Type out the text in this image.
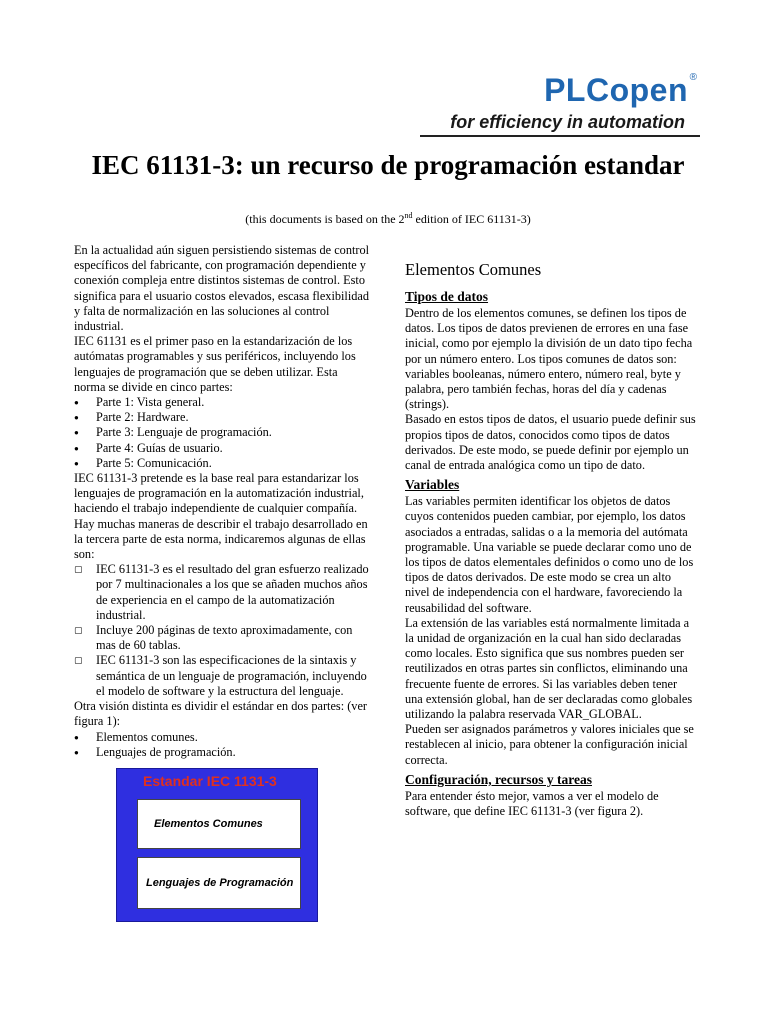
PLCopen ®
for efficiency in automation
IEC 61131-3: un recurso de programación estandar
(this documents is based on the 2nd edition of IEC 61131-3)

En la actualidad aún siguen persistiendo sistemas de control específicos del fabricante, con programación dependiente y conexión compleja entre distintos sistemas de control. Esto significa para el usuario costos elevados, escasa flexibilidad y falta de normalización en las soluciones al control industrial.

IEC 61131 es el primer paso en la estandarización de los autómatas programables y sus periféricos, incluyendo los lenguajes de programación que se deben utilizar. Esta norma se divide en cinco partes:

● Parte 1: Vista general.
● Parte 2: Hardware.
● Parte 3: Lenguaje de programación.
● Parte 4: Guías de usuario.
● Parte 5: Comunicación.

IEC 61131-3 pretende es la base real para estandarizar los lenguajes de programación en la automatización industrial, haciendo el trabajo independiente de cualquier compañía.

Hay muchas maneras de describir el trabajo desarrollado en la tercera parte de esta norma, indicaremos algunas de ellas son:

▢ IEC 61131-3 es el resultado del gran esfuerzo realizado por 7 multinacionales a los que se añaden muchos años de experiencia en el campo de la automatización industrial.
▢ Incluye 200 páginas de texto aproximadamente, con mas de 60 tablas.
▢ IEC 61131-3 son las especificaciones de la sintaxis y semántica de un lenguaje de programación, incluyendo el modelo de software y la estructura del lenguaje.

Otra visión distinta es dividir el estándar en dos partes: (ver figura 1):

● Elementos comunes.
● Lenguajes de programación.
Estandar IEC 1131-3
Elementos Comunes
Lenguajes de Programación
Elementos Comunes
Tipos de datos

Dentro de los elementos comunes, se definen los tipos de datos. Los tipos de datos previenen de errores en una fase inicial, como por ejemplo la división de un dato tipo fecha por un número entero. Los tipos comunes de datos son: variables booleanas, número entero, número real, byte y palabra, pero también fechas, horas del día y cadenas (strings).

Basado en estos tipos de datos, el usuario puede definir sus propios tipos de datos, conocidos como tipos de datos derivados. De este modo, se puede definir por ejemplo un canal de entrada analógica como un tipo de dato.

Variables

Las variables permiten identificar los objetos de datos cuyos contenidos pueden cambiar, por ejemplo, los datos asociados a entradas, salidas o a la memoria del autómata programable. Una variable se puede declarar como uno de los tipos de datos elementales definidos o como uno de los tipos de datos derivados. De este modo se crea un alto nivel de independencia con el hardware, favoreciendo la reusabilidad del software.

La extensión de las variables está normalmente limitada a la unidad de organización en la cual han sido declaradas como locales. Esto significa que sus nombres pueden ser reutilizados en otras partes sin conflictos, eliminando una frecuente fuente de errores. Si las variables deben tener una extensión global, han de ser declaradas como globales utilizando la palabra reservada VAR_GLOBAL.

Pueden ser asignados parámetros y valores iniciales que se restablecen al inicio, para obtener la configuración inicial correcta.

Configuración, recursos y tareas

Para entender ésto mejor, vamos a ver el modelo de software, que define IEC 61131-3 (ver figura 2).
